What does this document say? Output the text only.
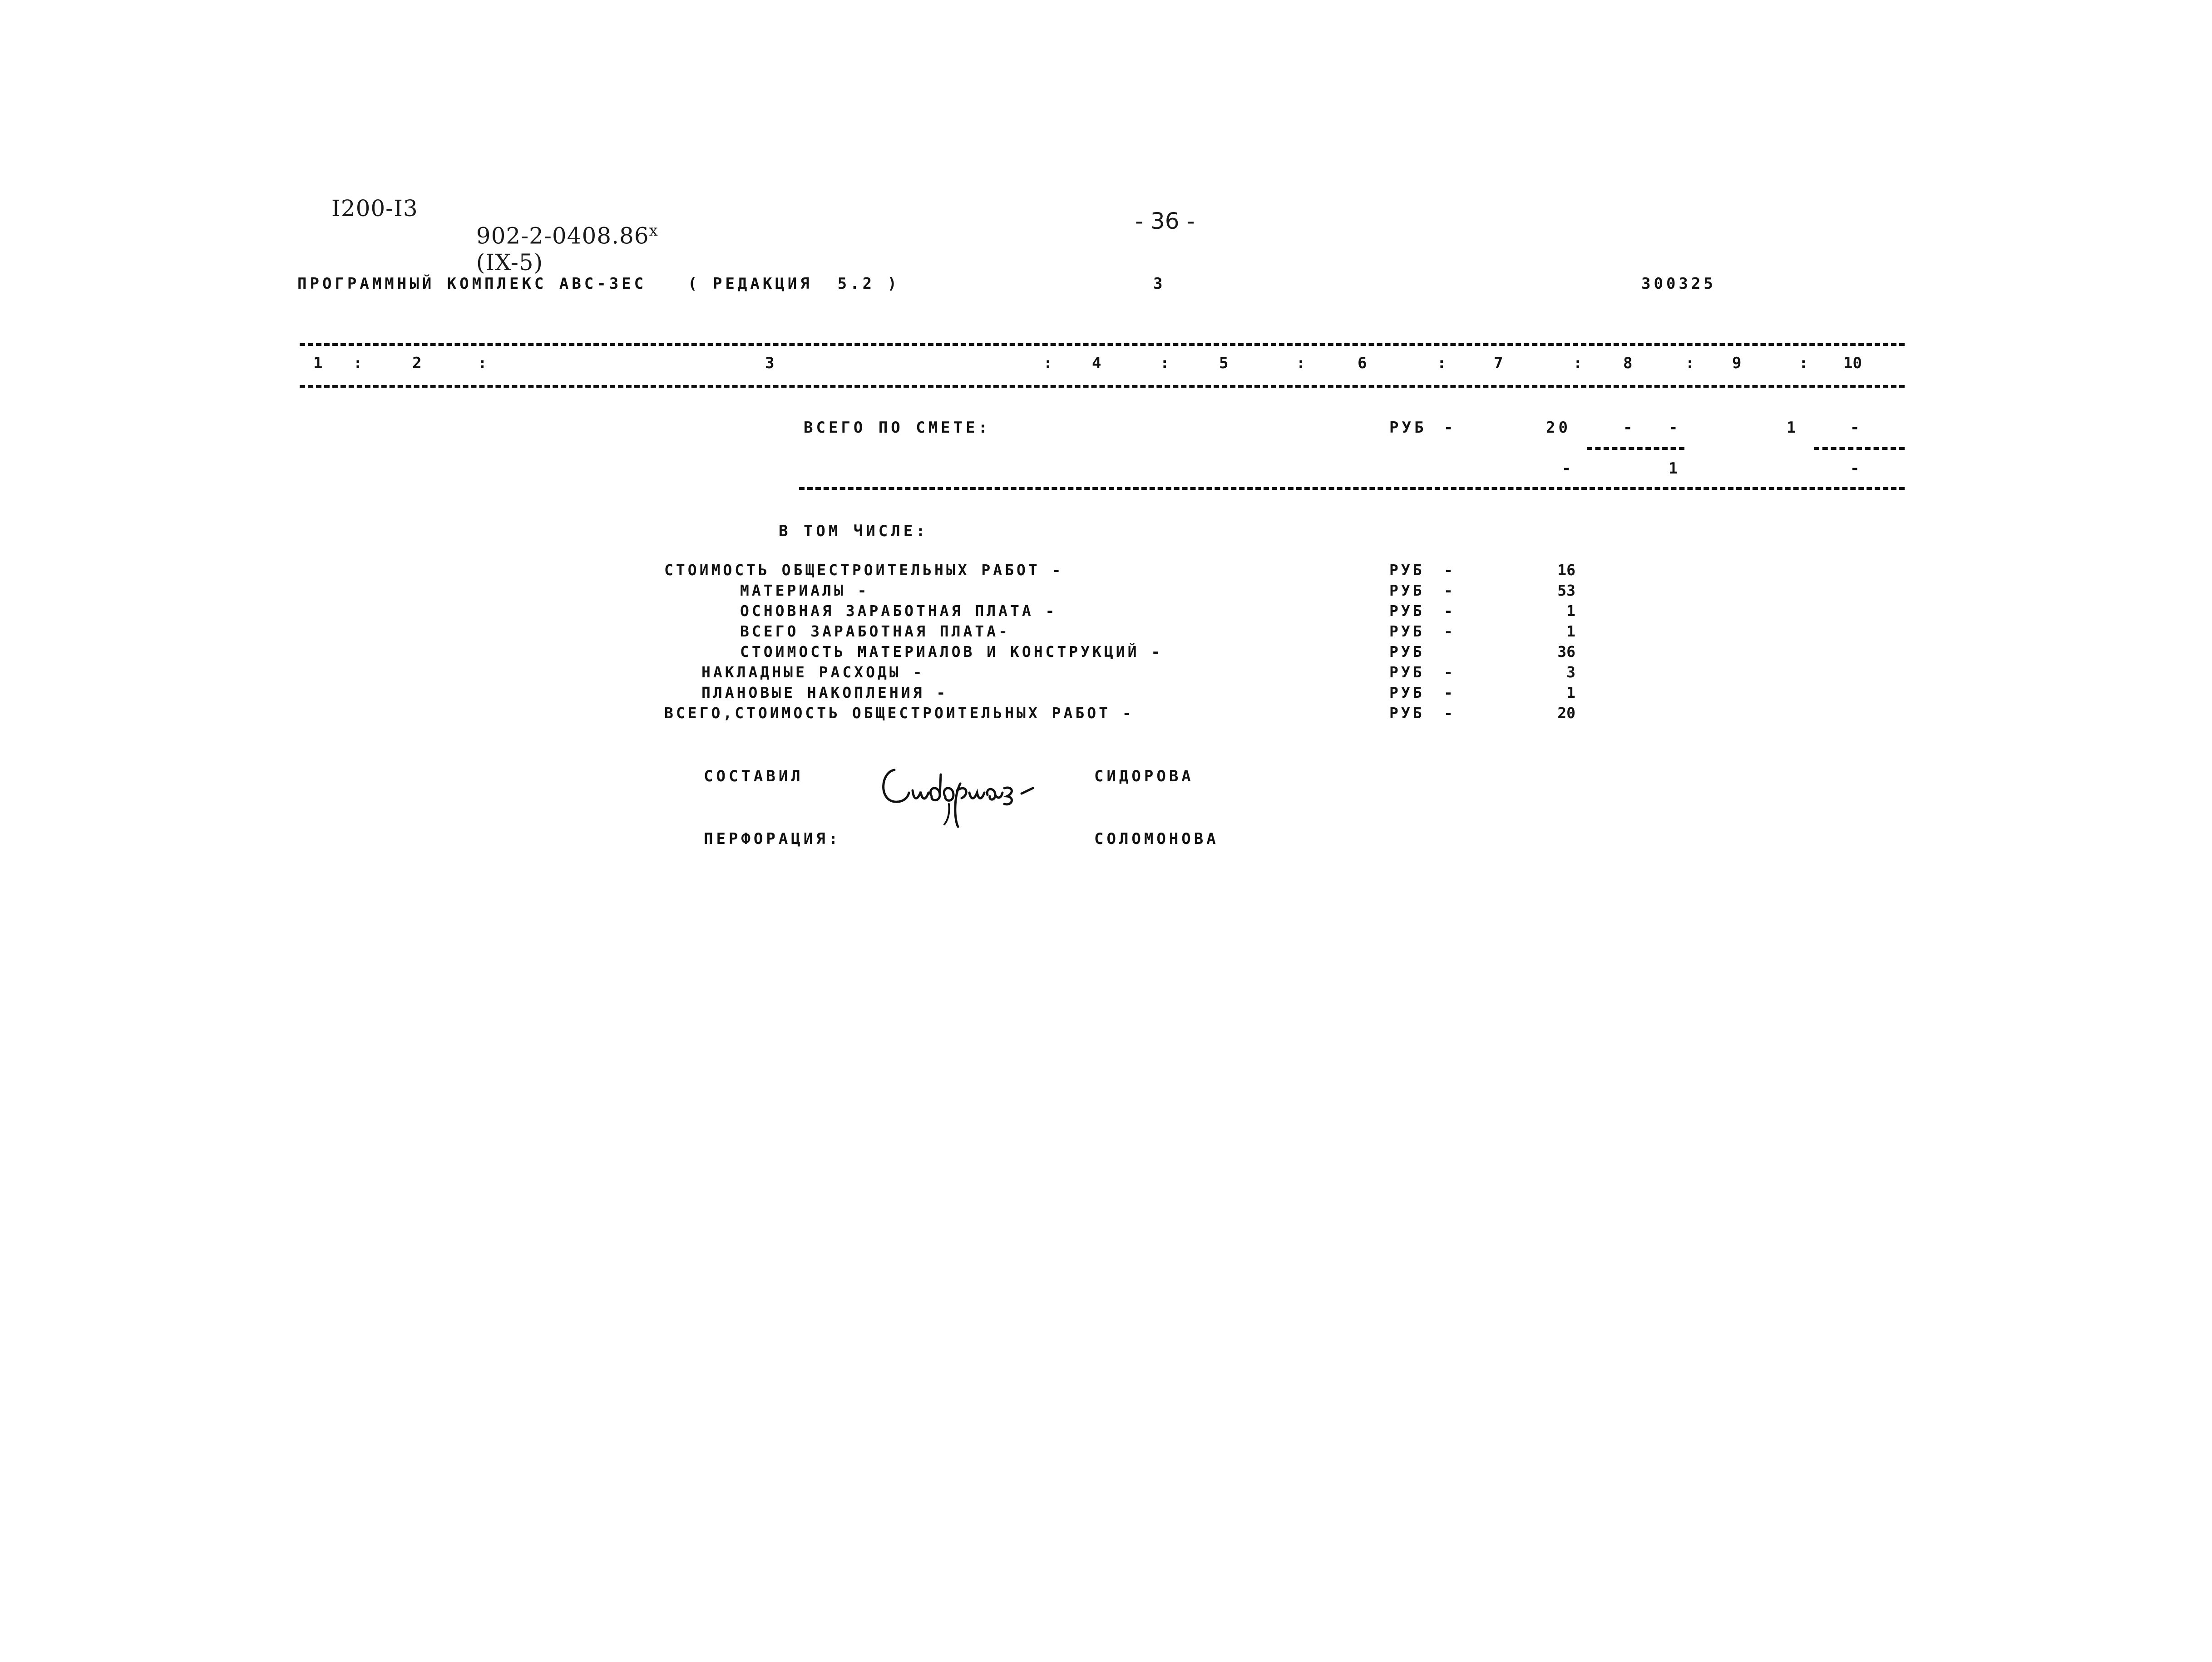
I200-I3

902-2-0408.86$^x$
(IX-5)

- 36 -
ПРОГРАММНЫЙ КОМПЛЕКС АВС-3ЕС	( РЕДАКЦИЯ  5.2 )	3	300325
1 :	2	:	3	:	4	:	5	:	6	:	7	:	8	: 9	: 10
ВСЕГО ПО СМЕТЕ:	РУБ -	20	- -	1	-
-	1	-
В ТОМ ЧИСЛЕ:
СТОИМОСТЬ ОБЩЕСТРОИТЕЛЬНЫХ РАБОТ -	РУБ -	16
МАТЕРИАЛЫ -	РУБ -	53
ОСНОВНАЯ ЗАРАБОТНАЯ ПЛАТА -	РУБ -	1
ВСЕГО ЗАРАБОТНАЯ ПЛАТА-	РУБ -	1
СТОИМОСТЬ МАТЕРИАЛОВ И КОНСТРУКЦИЙ -	РУБ	36
НАКЛАДНЫЕ РАСХОДЫ -	РУБ -	3
ПЛАНОВЫЕ НАКОПЛЕНИЯ -	РУБ -	1
ВСЕГО,СТОИМОСТЬ ОБЩЕСТРОИТЕЛЬНЫХ РАБОТ -	РУБ -	20
СОСТАВИЛ

	СИДОРОВА
ПЕРФОРАЦИЯ:	СОЛОМОНОВА
